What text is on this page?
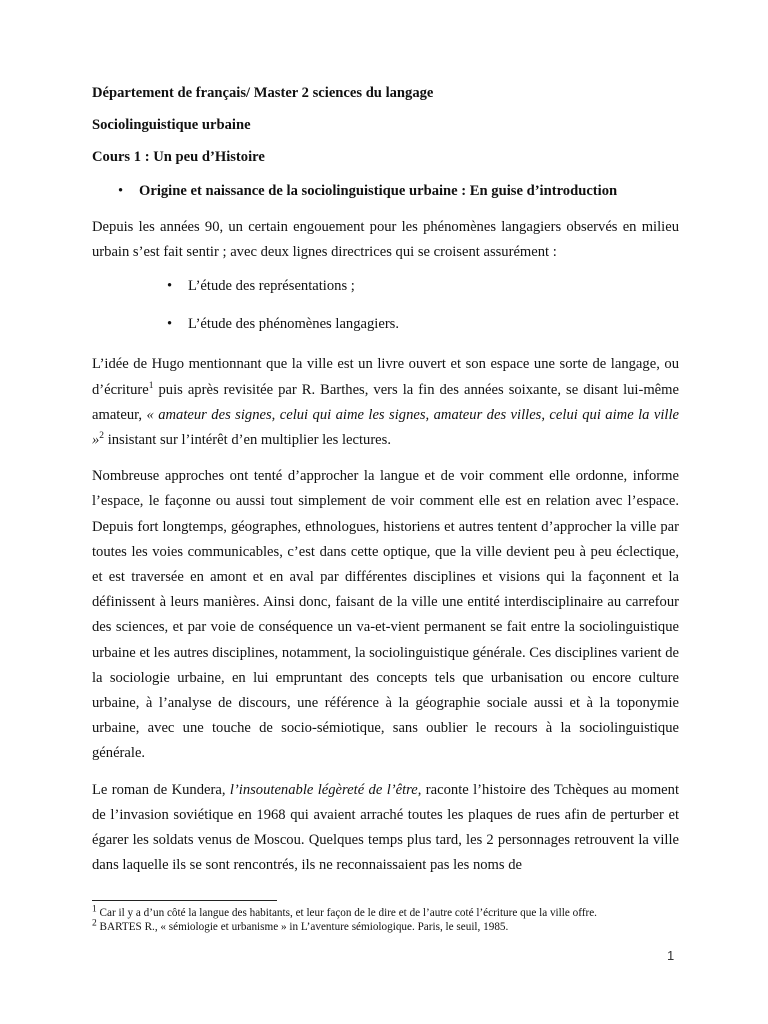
Département de français/ Master 2 sciences du langage
Sociolinguistique urbaine
Cours 1 : Un peu d’Histoire
• Origine et naissance de la sociolinguistique urbaine : En guise d’introduction

Depuis les années 90, un certain engouement pour les phénomènes langagiers observés en milieu urbain s’est fait sentir ; avec deux lignes directrices qui se croisent assurément :

• L’étude des représentations ;
• L’étude des phénomènes langagiers.

L’idée de Hugo mentionnant que la ville est un livre ouvert et son espace une sorte de langage, ou d’écriture$^1$ puis après revisitée par R. Barthes, vers la fin des années soixante, se disant lui-même amateur, « amateur des signes, celui qui aime les signes, amateur des villes, celui qui aime la ville »$^2$ insistant sur l’intérêt d’en multiplier les lectures.

Nombreuse approches ont tenté d’approcher la langue et de voir comment elle ordonne, informe l’espace, le façonne ou aussi tout simplement de voir comment elle est en relation avec l’espace. Depuis fort longtemps, géographes, ethnologues, historiens et autres tentent d’approcher la ville par toutes les voies communicables, c’est dans cette optique, que la ville devient peu à peu éclectique, et est traversée en amont et en aval par différentes disciplines et visions qui la façonnent et la définissent à leurs manières. Ainsi donc, faisant de la ville une entité interdisciplinaire au carrefour des sciences, et par voie de conséquence un va-et-vient permanent se fait entre la sociolinguistique urbaine et les autres disciplines, notamment, la sociolinguistique générale. Ces disciplines varient de la sociologie urbaine, en lui empruntant des concepts tels que urbanisation ou encore culture urbaine, à l’analyse de discours, une référence à la géographie sociale aussi et à la toponymie urbaine, avec une touche de socio-sémiotique, sans oublier le recours à la sociolinguistique générale.

Le roman de Kundera, l’insoutenable légèreté de l’être, raconte l’histoire des Tchèques au moment de l’invasion soviétique en 1968 qui avaient arraché toutes les plaques de rues afin de perturber et égarer les soldats venus de Moscou. Quelques temps plus tard, les 2 personnages retrouvent la ville dans laquelle ils se sont rencontrés, ils ne reconnaissaient pas les noms de

$^1$ Car il y a d’un côté la langue des habitants, et leur façon de le dire et de l’autre coté l’écriture que la ville offre.
$^2$ BARTES R., « sémiologie et urbanisme » in L’aventure sémiologique. Paris, le seuil, 1985.
1
